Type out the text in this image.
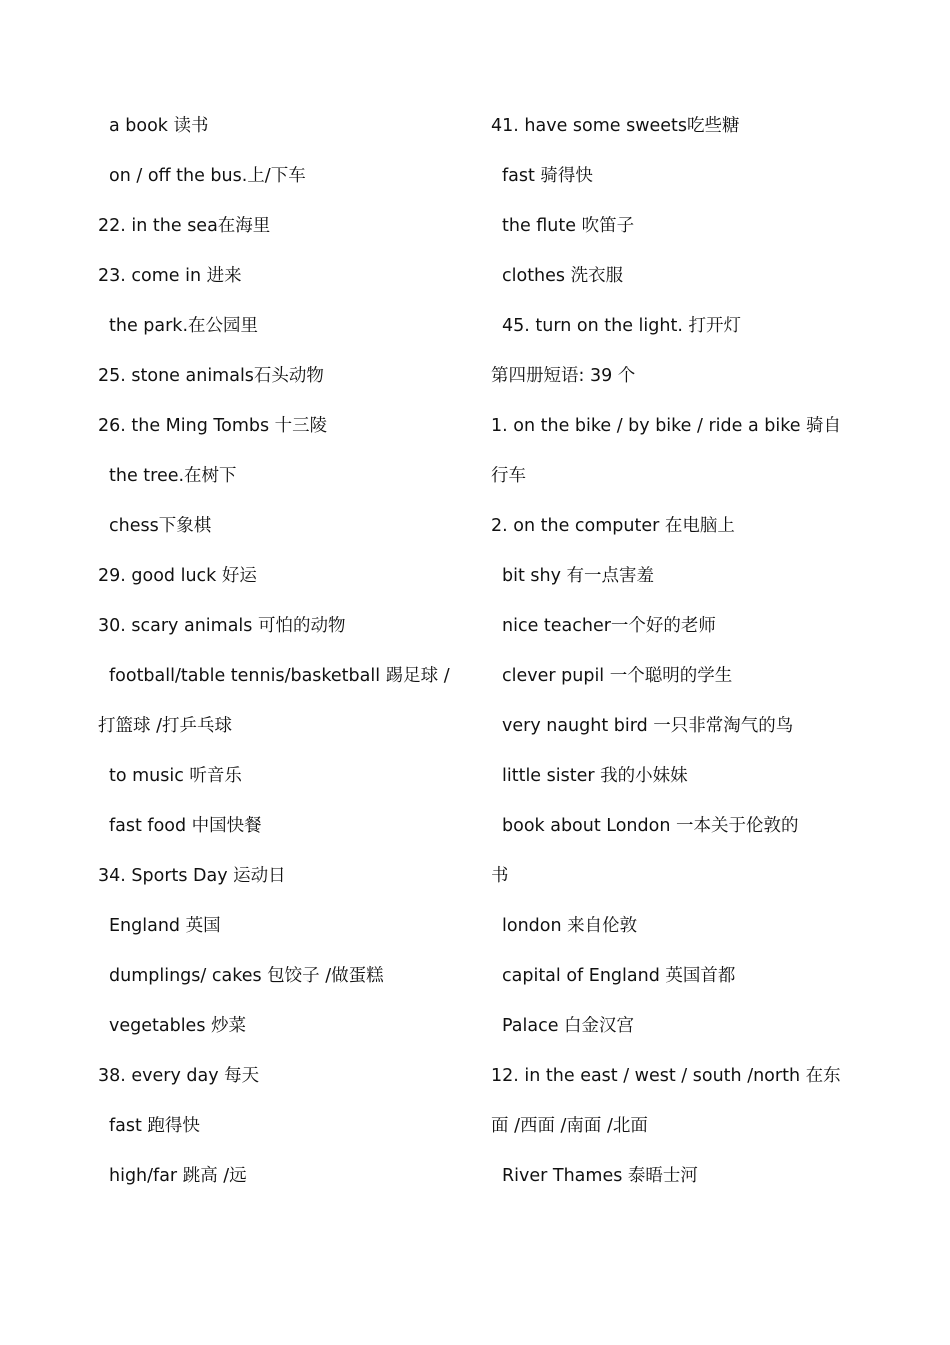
a book 读书

on / off the bus.上/下车

22. in the sea在海里

23. come in 进来

the park.在公园里

25. stone animals石头动物

26. the Ming Tombs 十三陵

the tree.在树下

chess下象棋

29. good luck 好运

30. scary animals 可怕的动物

football/table tennis/basketball 踢足球 /

打篮球 /打乒乓球

to music 听音乐

fast food 中国快餐

34. Sports Day 运动日

England 英国

dumplings/ cakes 包饺子 /做蛋糕

vegetables 炒菜

38. every day 每天

fast 跑得快

high/far 跳高 /远

41. have some sweets吃些糖

fast 骑得快

the flute 吹笛子

clothes 洗衣服

45. turn on the light. 打开灯

第四册短语: 39 个

1. on the bike / by bike / ride a bike 骑自

行车

2. on the computer 在电脑上

bit shy 有一点害羞

nice teacher一个好的老师

clever pupil 一个聪明的学生

very naught bird 一只非常淘气的鸟

little sister 我的小妹妹

book about London 一本关于伦敦的

书

london 来自伦敦

capital of England 英国首都

Palace 白金汉宫

12. in the east / west / south /north 在东

面 /西面 /南面 /北面

River Thames 泰晤士河
